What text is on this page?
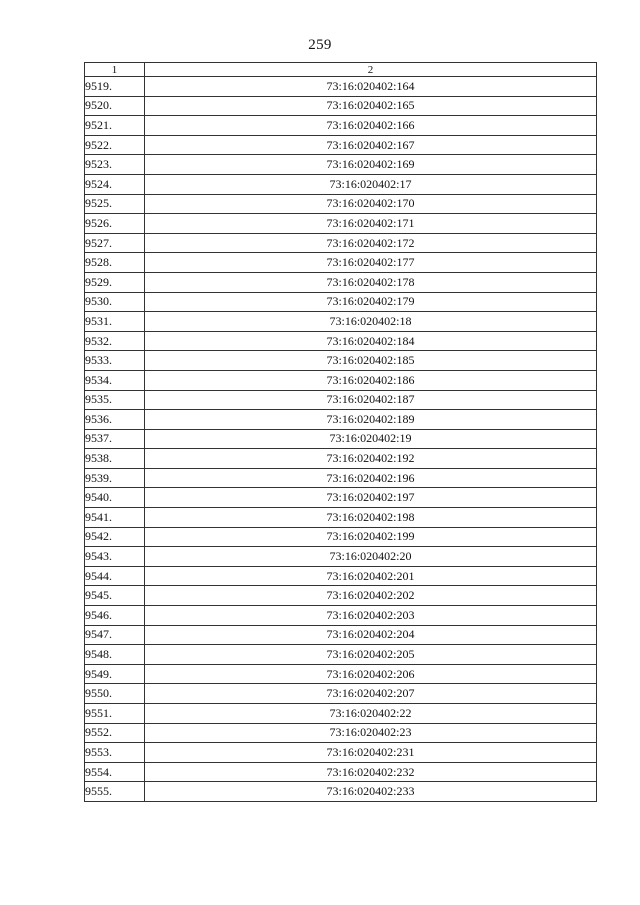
259
1	2
9519.	73:16:020402:164
9520.	73:16:020402:165
9521.	73:16:020402:166
9522.	73:16:020402:167
9523.	73:16:020402:169
9524.	73:16:020402:17
9525.	73:16:020402:170
9526.	73:16:020402:171
9527.	73:16:020402:172
9528.	73:16:020402:177
9529.	73:16:020402:178
9530.	73:16:020402:179
9531.	73:16:020402:18
9532.	73:16:020402:184
9533.	73:16:020402:185
9534.	73:16:020402:186
9535.	73:16:020402:187
9536.	73:16:020402:189
9537.	73:16:020402:19
9538.	73:16:020402:192
9539.	73:16:020402:196
9540.	73:16:020402:197
9541.	73:16:020402:198
9542.	73:16:020402:199
9543.	73:16:020402:20
9544.	73:16:020402:201
9545.	73:16:020402:202
9546.	73:16:020402:203
9547.	73:16:020402:204
9548.	73:16:020402:205
9549.	73:16:020402:206
9550.	73:16:020402:207
9551.	73:16:020402:22
9552.	73:16:020402:23
9553.	73:16:020402:231
9554.	73:16:020402:232
9555.	73:16:020402:233
